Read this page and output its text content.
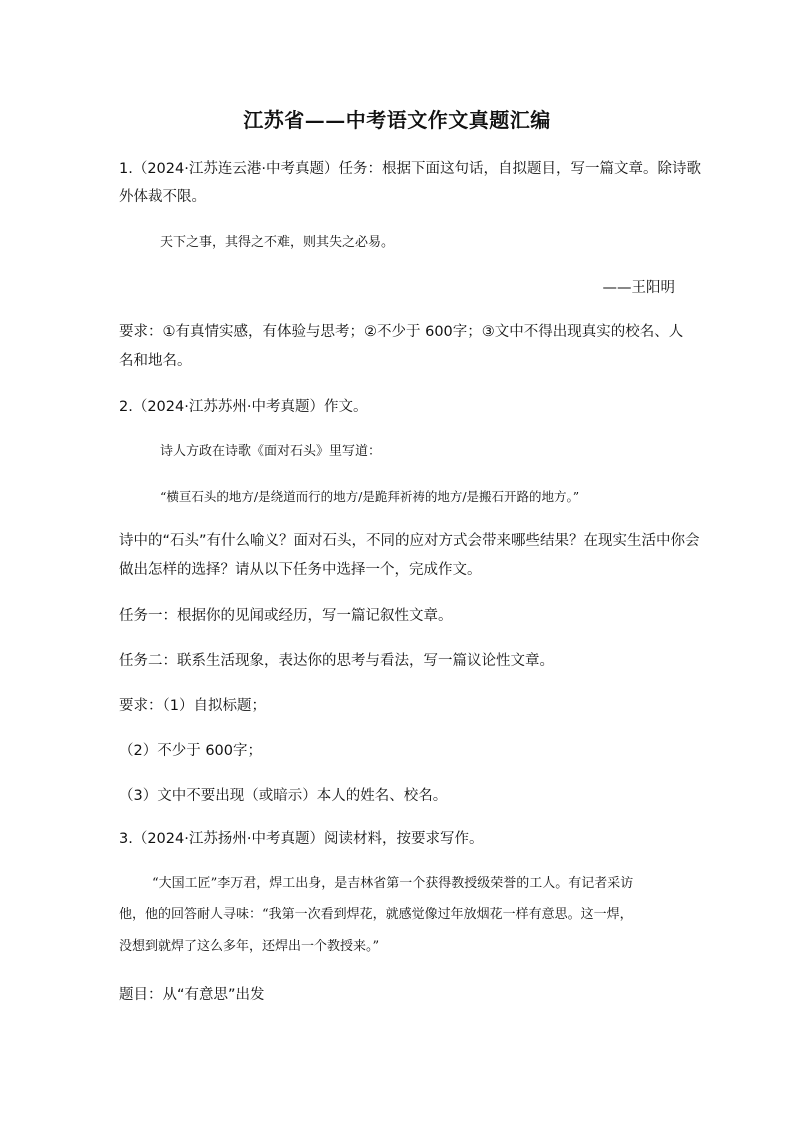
江苏省——中考语文作文真题汇编
1.（2024·江苏连云港·中考真题）任务：根据下面这句话，自拟题目，写一篇文章。除诗歌
外体裁不限。
天下之事，其得之不难，则其失之必易。
——王阳明
要求：①有真情实感，有体验与思考；②不少于 600字；③文中不得出现真实的校名、人
名和地名。
2.（2024·江苏苏州·中考真题）作文。
诗人方政在诗歌《面对石头》里写道：
“横亘石头的地方/是绕道而行的地方/是跪拜祈祷的地方/是搬石开路的地方。”
诗中的“石头”有什么喻义？面对石头，不同的应对方式会带来哪些结果？在现实生活中你会
做出怎样的选择？请从以下任务中选择一个，完成作文。
任务一：根据你的见闻或经历，写一篇记叙性文章。
任务二：联系生活现象，表达你的思考与看法，写一篇议论性文章。
要求：（1）自拟标题；
（2）不少于 600字；
（3）文中不要出现（或暗示）本人的姓名、校名。
3.（2024·江苏扬州·中考真题）阅读材料，按要求写作。
“大国工匠”李万君，焊工出身，是吉林省第一个获得教授级荣誉的工人。有记者采访
他，他的回答耐人寻味：“我第一次看到焊花，就感觉像过年放烟花一样有意思。这一焊，
没想到就焊了这么多年，还焊出一个教授来。”
题目：从“有意思”出发
